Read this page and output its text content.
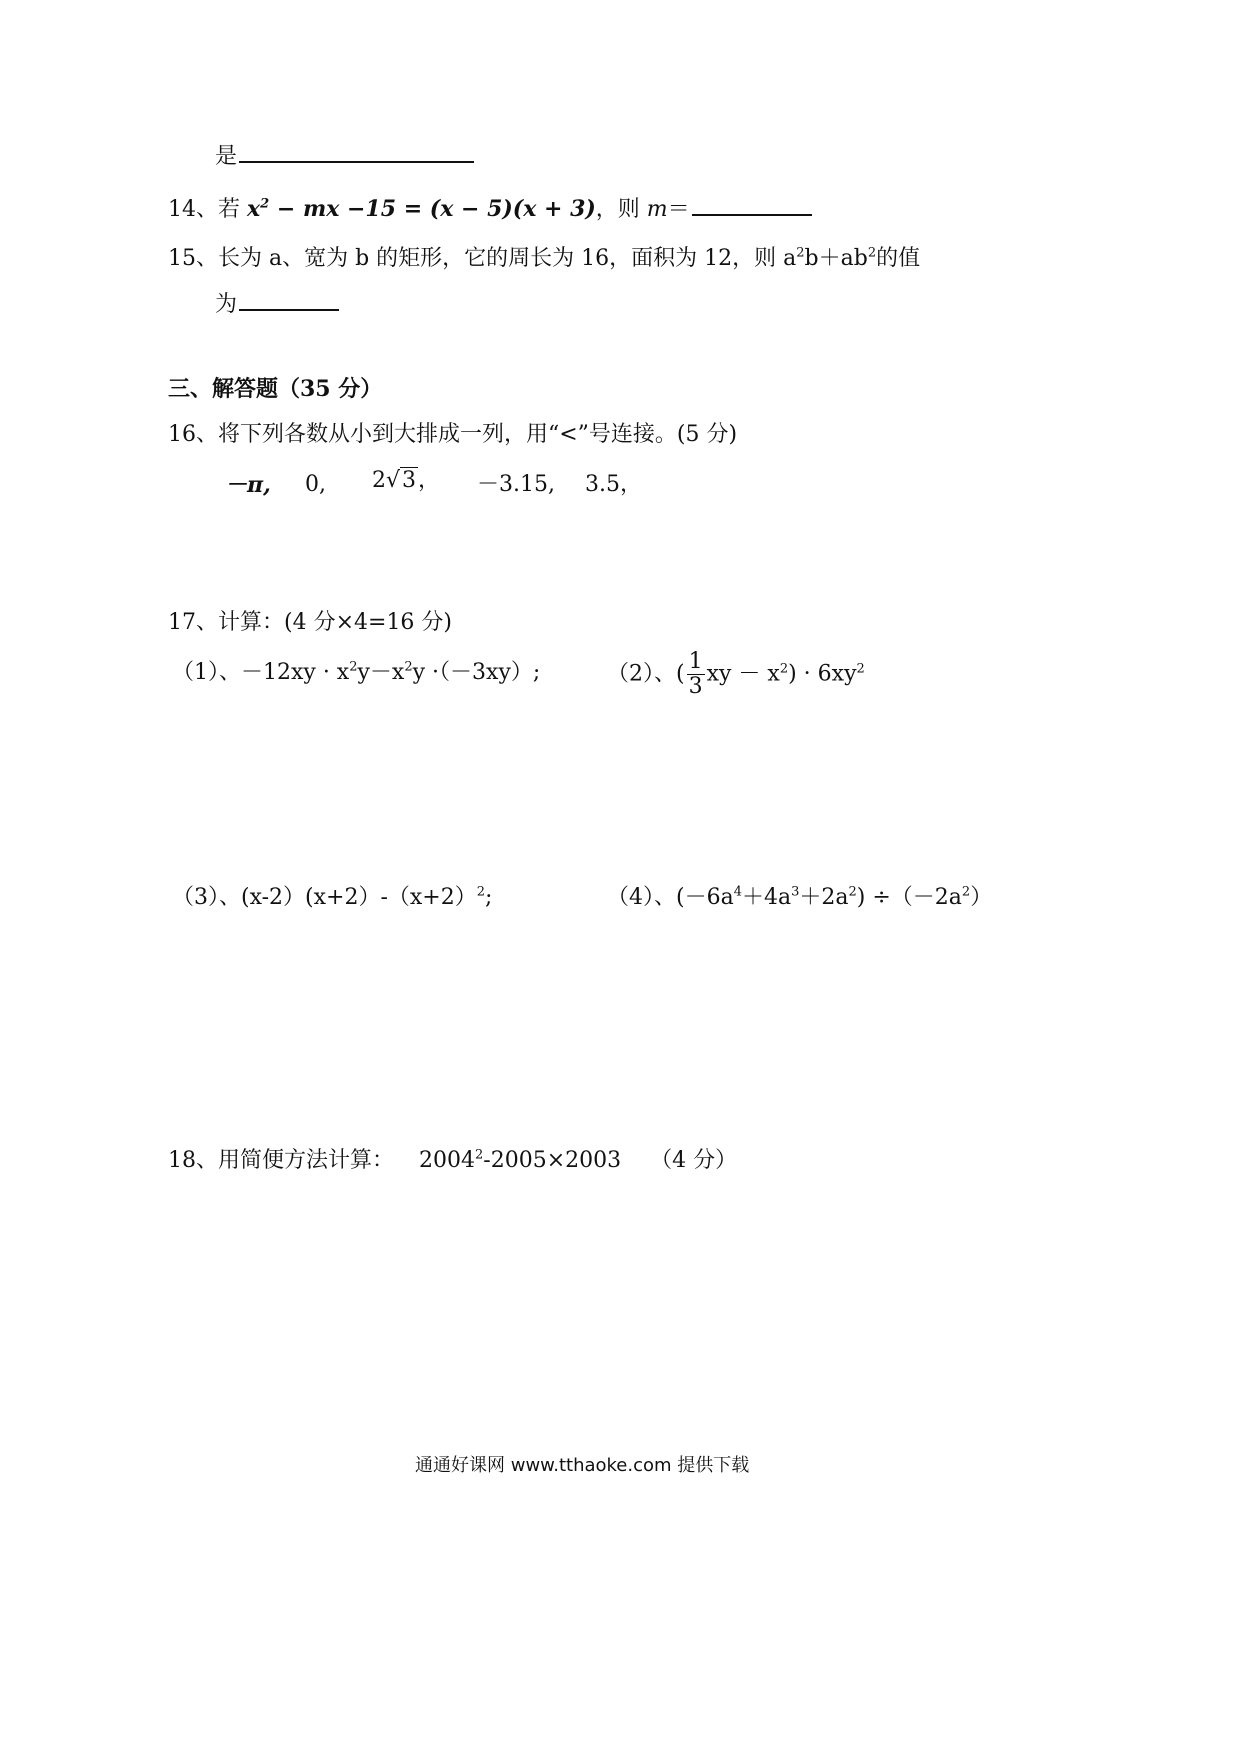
是
14、若 $x^2$ − mx −15 = (x − 5)(x + 3)，则 m＝
15、长为 a、宽为 b 的矩形，它的周长为 16，面积为 12，则 $a^2b+ab^2$的值
为
三、解答题（35 分）
16、将下列各数从小到大排成一列，用“<”号连接。(5 分)
－π, 0, 2√3， －3.15, 3.5，
17、计算：(4 分×4=16 分)
（1）、$-12xy \cdot x^2y-x^2y \cdot(-3xy)$;	（2）、( $\frac{1}{3}$ xy － $x^2) \cdot 6xy^2$
（3）、$(x-2)(x+2)-(x+2)^2$;	（4）、$(-6a^4+4a^3+2a^2) \div(-2a^2)$
18、用简便方法计算： $2004^2-2005\times 2003$ （4 分）
通通好课网 www.tthaoke.com 提供下载
